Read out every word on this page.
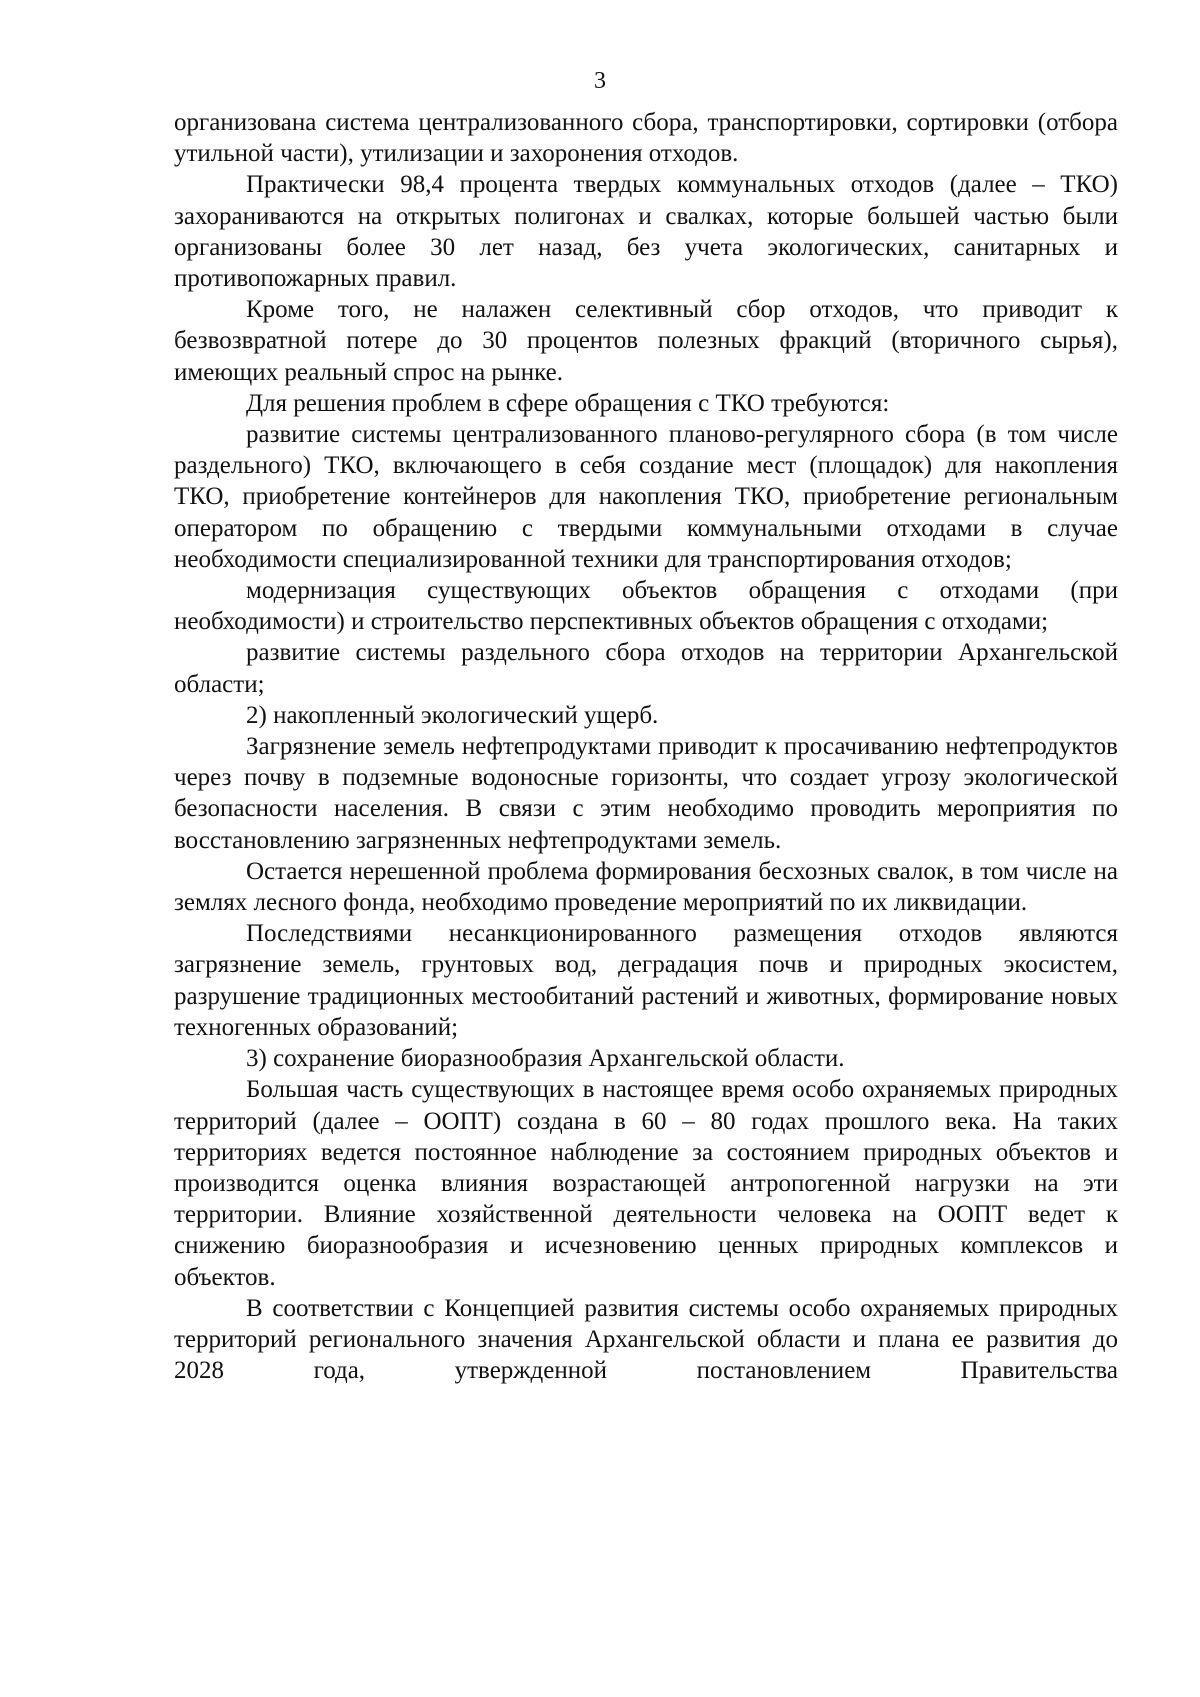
3

организована система централизованного сбора, транспортировки, сортировки (отбора утильной части), утилизации и захоронения отходов.

Практически 98,4 процента твердых коммунальных отходов (далее – ТКО) захораниваются на открытых полигонах и свалках, которые большей частью были организованы более 30 лет назад, без учета экологических, санитарных и противопожарных правил.

Кроме того, не налажен селективный сбор отходов, что приводит к безвозвратной потере до 30 процентов полезных фракций (вторичного сырья), имеющих реальный спрос на рынке.

Для решения проблем в сфере обращения с ТКО требуются:

развитие системы централизованного планово-регулярного сбора (в том числе раздельного) ТКО, включающего в себя создание мест (площадок) для накопления ТКО, приобретение контейнеров для накопления ТКО, приобретение региональным оператором по обращению с твердыми коммунальными отходами в случае необходимости специализированной техники для транспортирования отходов;

модернизация существующих объектов обращения с отходами (при необходимости) и строительство перспективных объектов обращения с отходами;

развитие системы раздельного сбора отходов на территории Архангельской области;

2) накопленный экологический ущерб.

Загрязнение земель нефтепродуктами приводит к просачиванию нефтепродуктов через почву в подземные водоносные горизонты, что создает угрозу экологической безопасности населения. В связи с этим необходимо проводить мероприятия по восстановлению загрязненных нефтепродуктами земель.

Остается нерешенной проблема формирования бесхозных свалок, в том числе на землях лесного фонда, необходимо проведение мероприятий по их ликвидации.

Последствиями несанкционированного размещения отходов являются загрязнение земель, грунтовых вод, деградация почв и природных экосистем, разрушение традиционных местообитаний растений и животных, формирование новых техногенных образований;

3) сохранение биоразнообразия Архангельской области.

Большая часть существующих в настоящее время особо охраняемых природных территорий (далее – ООПТ) создана в 60 – 80 годах прошлого века. На таких территориях ведется постоянное наблюдение за состоянием природных объектов и производится оценка влияния возрастающей антропогенной нагрузки на эти территории. Влияние хозяйственной деятельности человека на ООПТ ведет к снижению биоразнообразия и исчезновению ценных природных комплексов и объектов.

В соответствии с Концепцией развития системы особо охраняемых природных территорий регионального значения Архангельской области и плана ее развития до 2028 года, утвержденной постановлением Правительства
